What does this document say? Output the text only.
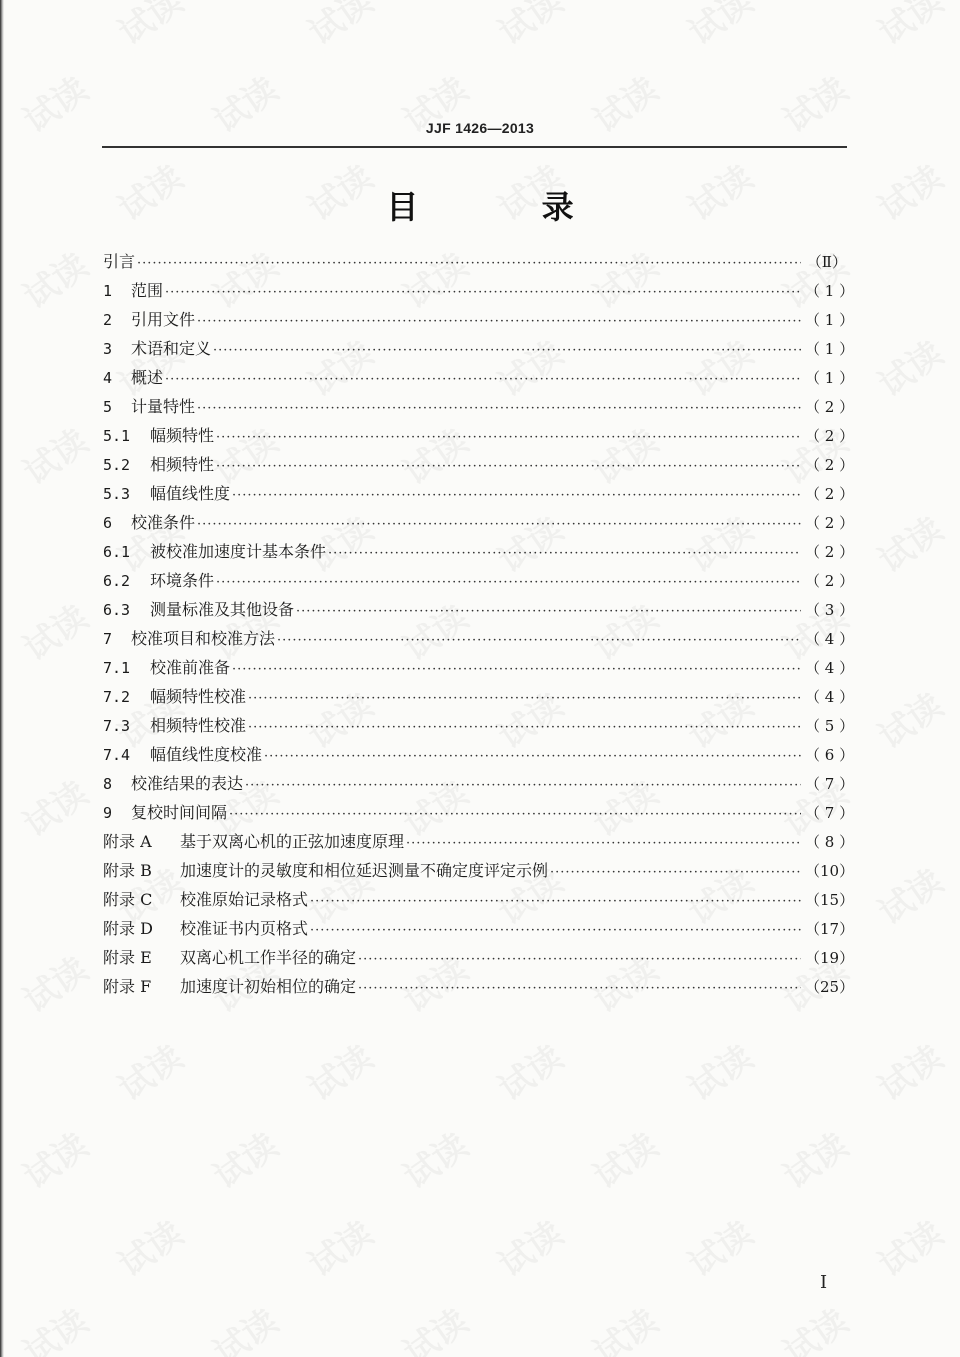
JJF 1426—2013
目 录
引言 ·····	（Ⅱ）
1	范围 ·····	（ 1 ）
2	引用文件 ·····	（ 1 ）
3	术语和定义 ·····	（ 1 ）
4	概述 ·····	（ 1 ）
5	计量特性 ·····	（ 2 ）
5.1	幅频特性 ·····	（ 2 ）
5.2	相频特性 ·····	（ 2 ）
5.3	幅值线性度 ·····	（ 2 ）
6	校准条件 ·····	（ 2 ）
6.1	被校准加速度计基本条件 ·····	（ 2 ）
6.2	环境条件 ·····	（ 2 ）
6.3	测量标准及其他设备 ·····	（ 3 ）
7	校准项目和校准方法 ·····	（ 4 ）
7.1	校准前准备 ·····	（ 4 ）
7.2	幅频特性校准 ·····	（ 4 ）
7.3	相频特性校准 ·····	（ 5 ）
7.4	幅值线性度校准 ·····	（ 6 ）
8	校准结果的表达 ·····	（ 7 ）
9	复校时间间隔 ·····	（ 7 ）
附录 A	基于双离心机的正弦加速度原理 ·····	（ 8 ）
附录 B	加速度计的灵敏度和相位延迟测量不确定度评定示例 ·····	（10）
附录 C	校准原始记录格式 ·····	（15）
附录 D	校准证书内页格式 ·····	（17）
附录 E	双离心机工作半径的确定 ·····	（19）
附录 F	加速度计初始相位的确定 ·····	（25）
I
